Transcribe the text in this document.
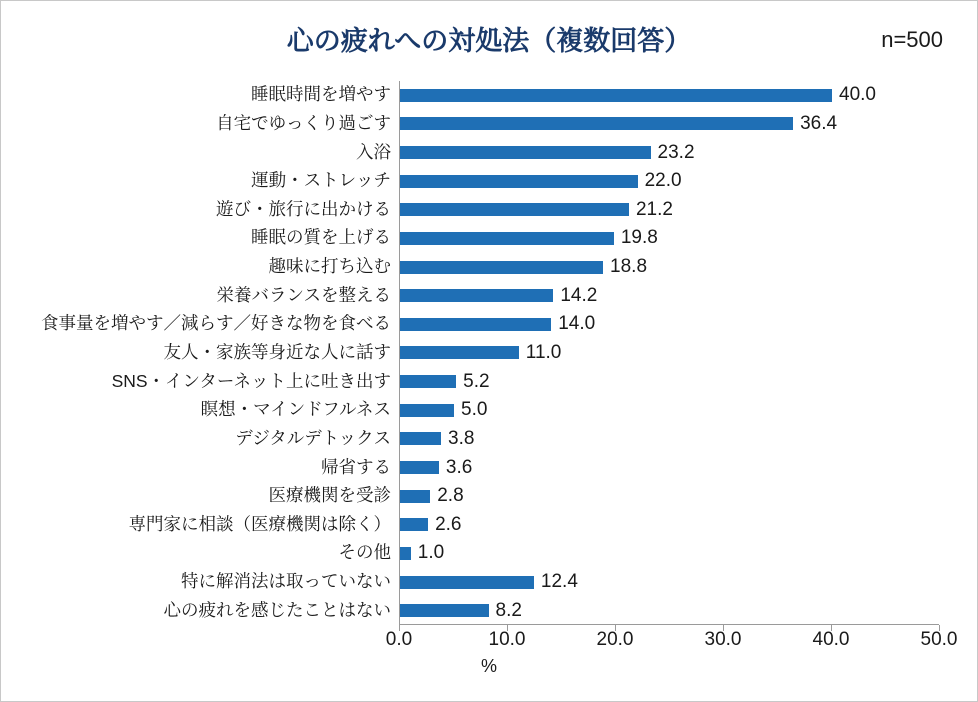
心の疲れへの対処法（複数回答）	n=500
0.0	10.0	20.0	30.0	40.0	50.0
%
睡眠時間を増やす	40.0
自宅でゆっくり過ごす	36.4
入浴	23.2
運動・ストレッチ	22.0
遊び・旅行に出かける	21.2
睡眠の質を上げる	19.8
趣味に打ち込む	18.8
栄養バランスを整える	14.2
食事量を増やす／減らす／好きな物を食べる	14.0
友人・家族等身近な人に話す	11.0
SNS・インターネット上に吐き出す	5.2
瞑想・マインドフルネス	5.0
デジタルデトックス	3.8
帰省する	3.6
医療機関を受診 2.8
専門家に相談（医療機関は除く） 2.6
その他 1.0
特に解消法は取っていない	12.4
心の疲れを感じたことはない	8.2
